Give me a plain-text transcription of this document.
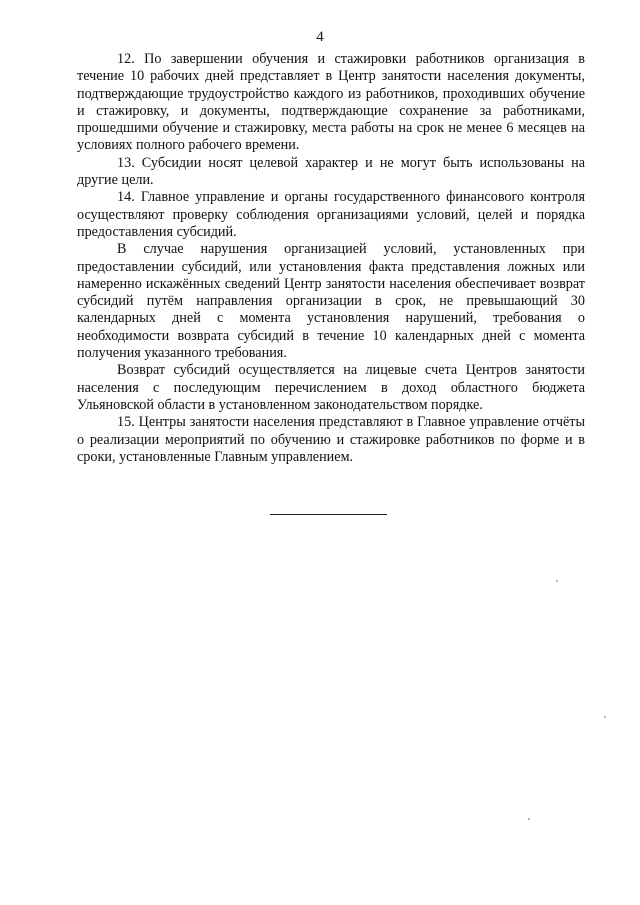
4

12. По завершении обучения и стажировки работников организация в течение 10 рабочих дней представляет в Центр занятости населения документы, подтверждающие трудоустройство каждого из работников, проходивших обучение и стажировку, и документы, подтверждающие сохранение за работниками, прошедшими обучение и стажировку, места работы на срок не менее 6 месяцев на условиях полного рабочего времени.

13. Субсидии носят целевой характер и не могут быть использованы на другие цели.

14. Главное управление и органы государственного финансового контроля осуществляют проверку соблюдения организациями условий, целей и порядка предоставления субсидий.

В случае нарушения организацией условий, установленных при предоставлении субсидий, или установления факта представления ложных или намеренно искажённых сведений Центр занятости населения обеспечивает возврат субсидий путём направления организации в срок, не превышающий 30 календарных дней с момента установления нарушений, требования о необходимости возврата субсидий в течение 10 календарных дней с момента получения указанного требования.

Возврат субсидий осуществляется на лицевые счета Центров занятости населения с последующим перечислением в доход областного бюджета Ульяновской области в установленном законодательством порядке.

15. Центры занятости населения представляют в Главное управление отчёты о реализации мероприятий по обучению и стажировке работников по форме и в сроки, установленные Главным управлением.
